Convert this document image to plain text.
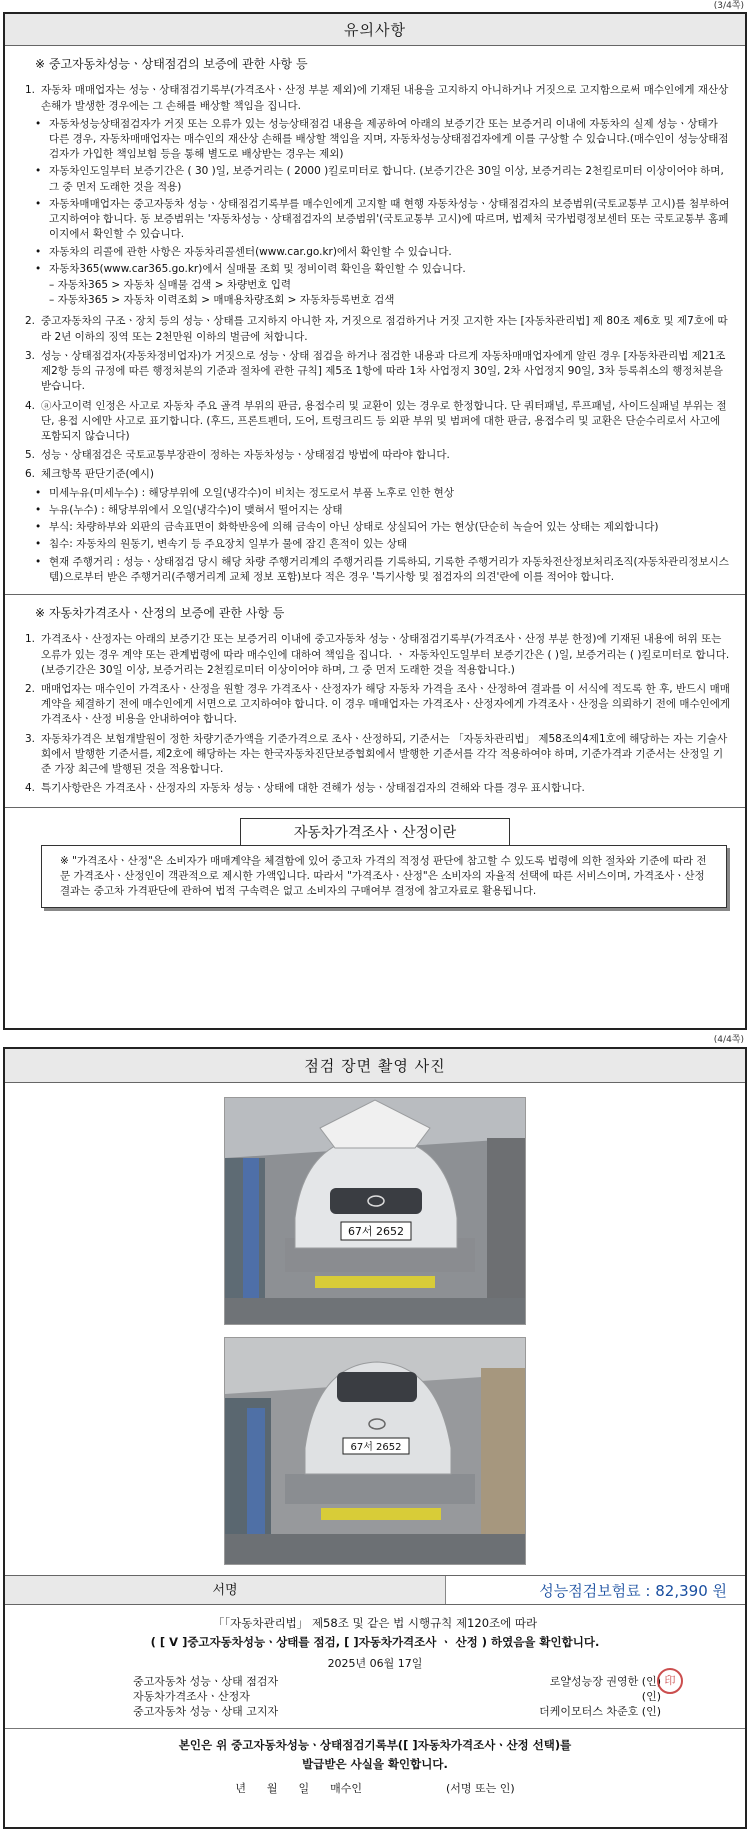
(3/4쪽)
유의사항
※ 중고자동차성능ㆍ상태점검의 보증에 관한 사항 등
1. 자동차 매매업자는 성능ㆍ상태점검기록부(가격조사ㆍ산정 부분 제외)에 기재된 내용을 고지하지 아니하거나 거짓으로 고지함으로써 매수인에게 재산상 손해가 발생한 경우에는 그 손해를 배상할 책임을 집니다.
• 자동차성능상태점검자가 거짓 또는 오류가 있는 성능상태점검 내용을 제공하여 아래의 보증기간 또는 보증거리 이내에 자동차의 실제 성능ㆍ상태가 다른 경우, 자동차매매업자는 매수인의 재산상 손해를 배상할 책임을 지며, 자동차성능상태점검자에게 이를 구상할 수 있습니다.(매수인이 성능상태점검자가 가입한 책임보험 등을 통해 별도로 배상받는 경우는 제외)
• 자동차인도일부터 보증기간은 ( 30 )일, 보증거리는 ( 2000 )킬로미터로 합니다. (보증기간은 30일 이상, 보증거리는 2천킬로미터 이상이어야 하며, 그 중 먼저 도래한 것을 적용)
• 자동차매매업자는 중고자동차 성능ㆍ상태점검기록부를 매수인에게 고지할 때 현행 자동차성능ㆍ상태점검자의 보증범위(국토교통부 고시)를 첨부하여 고지하여야 합니다. 동 보증범위는 '자동차성능ㆍ상태점검자의 보증범위'(국토교통부 고시)에 따르며, 법제처 국가법령정보센터 또는 국토교통부 홈페이지에서 확인할 수 있습니다.
• 자동차의 리콜에 관한 사항은 자동차리콜센터(www.car.go.kr)에서 확인할 수 있습니다.
• 자동차365(www.car365.go.kr)에서 실매물 조회 및 정비이력 확인을 확인할 수 있습니다.
– 자동차365 > 자동차 실매물 검색 > 차량번호 입력
– 자동차365 > 자동차 이력조회 > 매매용차량조회 > 자동차등록번호 검색
2. 중고자동차의 구조ㆍ장치 등의 성능ㆍ상태를 고지하지 아니한 자, 거짓으로 점검하거나 거짓 고지한 자는 [자동차관리법] 제 80조 제6호 및 제7호에 따라 2년 이하의 징역 또는 2천만원 이하의 벌금에 처합니다.
3. 성능ㆍ상태점검자(자동차정비업자)가 거짓으로 성능ㆍ상태 점검을 하거나 점검한 내용과 다르게 자동차매매업자에게 알린 경우 [자동차관리법 제21조 제2항 등의 규정에 따른 행정처분의 기준과 절차에 관한 규칙] 제5조 1항에 따라 1차 사업정지 30일, 2차 사업정지 90일, 3차 등록취소의 행정처분을 받습니다.
4. ⓐ사고이력 인정은 사고로 자동차 주요 골격 부위의 판금, 용접수리 및 교환이 있는 경우로 한정합니다. 단 쿼터패널, 루프패널, 사이드실패널 부위는 절단, 용접 시에만 사고로 표기합니다. (후드, 프론트펜더, 도어, 트렁크리드 등 외판 부위 및 범퍼에 대한 판금, 용접수리 및 교환은 단순수리로서 사고에 포함되지 않습니다)
5. 성능ㆍ상태점검은 국토교통부장관이 정하는 자동차성능ㆍ상태점검 방법에 따라야 합니다.
6. 체크항목 판단기준(예시)
• 미세누유(미세누수) : 해당부위에 오일(냉각수)이 비치는 정도로서 부품 노후로 인한 현상
• 누유(누수) : 해당부위에서 오일(냉각수)이 맺혀서 떨어지는 상태
• 부식: 차량하부와 외판의 금속표면이 화학반응에 의해 금속이 아닌 상태로 상실되어 가는 현상(단순히 녹슬어 있는 상태는 제외합니다)
• 침수: 자동차의 원동기, 변속기 등 주요장치 일부가 물에 잠긴 흔적이 있는 상태
• 현재 주행거리 : 성능ㆍ상태점검 당시 해당 차량 주행거리계의 주행거리를 기록하되, 기록한 주행거리가 자동차전산정보처리조직(자동차관리정보시스템)으로부터 받은 주행거리(주행거리계 교체 정보 포함)보다 적은 경우 '특기사항 및 점검자의 의견'란에 이를 적어야 합니다.
※ 자동차가격조사ㆍ산정의 보증에 관한 사항 등
1. 가격조사ㆍ산정자는 아래의 보증기간 또는 보증거리 이내에 중고자동차 성능ㆍ상태점검기록부(가격조사ㆍ산정 부분 한정)에 기재된 내용에 허위 또는 오류가 있는 경우 계약 또는 관계법령에 따라 매수인에 대하여 책임을 집니다. ㆍ 자동차인도일부터 보증기간은 ( )일, 보증거리는 ( )킬로미터로 합니다. (보증기간은 30일 이상, 보증거리는 2천킬로미터 이상이어야 하며, 그 중 먼저 도래한 것을 적용합니다.)
2. 매매업자는 매수인이 가격조사ㆍ산정을 원할 경우 가격조사ㆍ산정자가 해당 자동차 가격을 조사ㆍ산정하여 결과를 이 서식에 적도록 한 후, 반드시 매매계약을 체결하기 전에 매수인에게 서면으로 고지하여야 합니다. 이 경우 매매업자는 가격조사ㆍ산정자에게 가격조사ㆍ산정을 의뢰하기 전에 매수인에게 가격조사ㆍ산정 비용을 안내하여야 합니다.
3. 자동차가격은 보험개발원이 정한 차량기준가액을 기준가격으로 조사ㆍ산정하되, 기준서는 「자동차관리법」 제58조의4제1호에 해당하는 자는 기술사회에서 발행한 기준서를, 제2호에 해당하는 자는 한국자동차진단보증협회에서 발행한 기준서를 각각 적용하여야 하며, 기준가격과 기준서는 산정일 기준 가장 최근에 발행된 것을 적용합니다.
4. 특기사항란은 가격조사ㆍ산정자의 자동차 성능ㆍ상태에 대한 견해가 성능ㆍ상태점검자의 견해와 다를 경우 표시합니다.
자동차가격조사ㆍ산정이란
※ "가격조사ㆍ산정"은 소비자가 매매계약을 체결함에 있어 중고차 가격의 적정성 판단에 참고할 수 있도록 법령에 의한 절차와 기준에 따라 전문 가격조사ㆍ산정인이 객관적으로 제시한 가액입니다. 따라서 "가격조사ㆍ산정"은 소비자의 자율적 선택에 따른 서비스이며, 가격조사ㆍ산정 결과는 중고차 가격판단에 관하여 법적 구속력은 없고 소비자의 구매여부 결정에 참고자료로 활용됩니다.
(4/4쪽)
점검 장면 촬영 사진
67서 2652
67서 2652
서명	성능점검보험료 : 82,390 원
「「자동차관리법」 제58조 및 같은 법 시행규칙 제120조에 따라
( [ V ]중고자동차성능ㆍ상태를 점검, [ ]자동차가격조사 ㆍ 산정 ) 하였음을 확인합니다.
2025년 06월 17일
중고자동차 성능ㆍ상태 점검자
자동차가격조사ㆍ산정자
중고자동차 성능ㆍ상태 고지자
로얄성능장 권영한 (인)
(인)
더케이모터스 차준호 (인)
印
본인은 위 중고자동차성능ㆍ상태점검기록부([ ]자동차가격조사ㆍ산정 선택)를
발급받은 사실을 확인합니다.
년      월      일      매수인                        (서명 또는 인)
